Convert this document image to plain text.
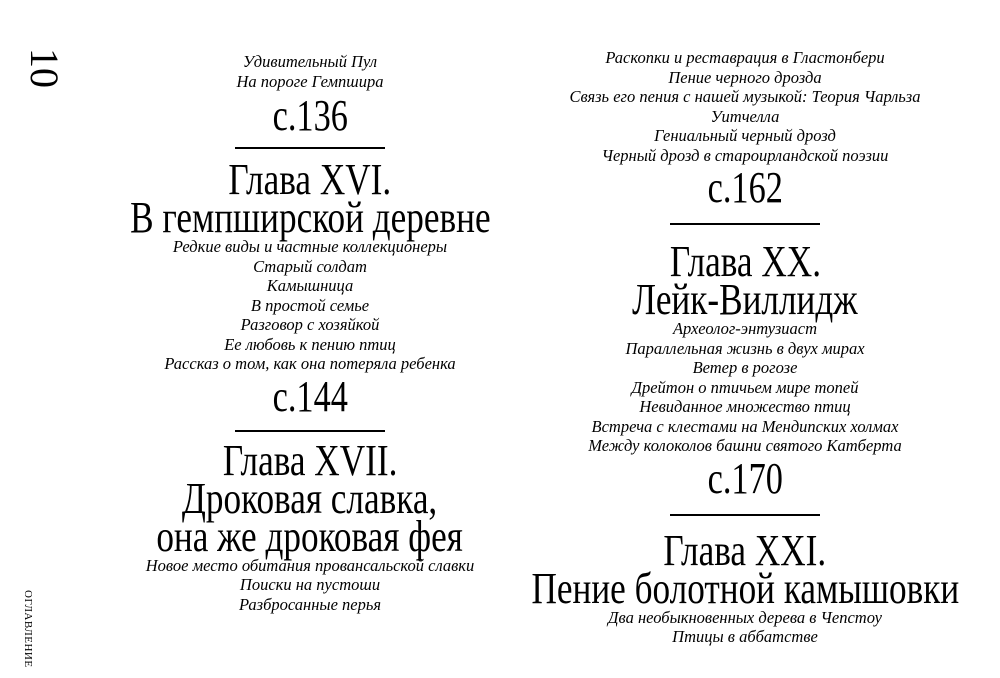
10
ОГЛАВЛЕНИЕ
Удивительный Пул
На пороге Гемпшира
с.136
Глава XVI.
В гемпширской деревне
Редкие виды и частные коллекционеры
Старый солдат
Камышница
В простой семье
Разговор с хозяйкой
Ее любовь к пению птиц
Рассказ о том, как она потеряла ребенка
с.144
Глава XVII.
Дроковая славка,
она же дроковая фея
Новое место обитания провансальской славки
Поиски на пустоши
Разбросанные перья
Раскопки и реставрация в Гластонбери
Пение черного дрозда
Связь его пения с нашей музыкой: Теория Чарльза
Уитчелла
Гениальный черный дрозд
Черный дрозд в староирландской поэзии
с.162
Глава XX.
Лейк-Виллидж
Археолог-энтузиаст
Параллельная жизнь в двух мирах
Ветер в рогозе
Дрейтон о птичьем мире топей
Невиданное множество птиц
Встреча с клестами на Мендипских холмах
Между колоколов башни святого Катберта
с.170
Глава XXI.
Пение болотной камышовки
Два необыкновенных дерева в Чепстоу
Птицы в аббатстве
